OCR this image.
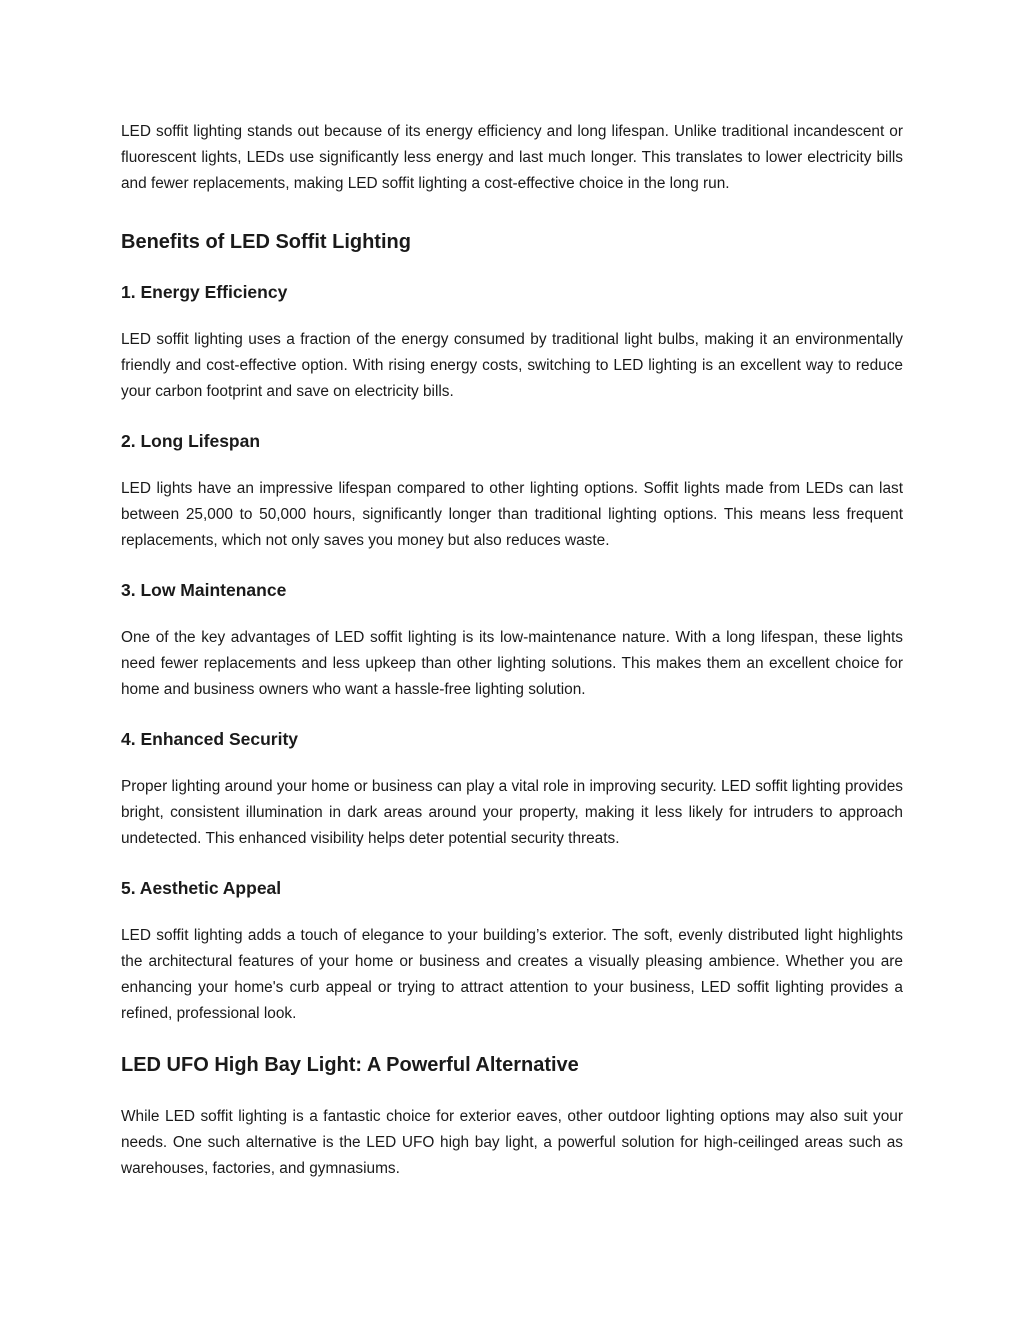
LED soffit lighting stands out because of its energy efficiency and long lifespan. Unlike traditional incandescent or fluorescent lights, LEDs use significantly less energy and last much longer. This translates to lower electricity bills and fewer replacements, making LED soffit lighting a cost-effective choice in the long run.

Benefits of LED Soffit Lighting
1. Energy Efficiency

LED soffit lighting uses a fraction of the energy consumed by traditional light bulbs, making it an environmentally friendly and cost-effective option. With rising energy costs, switching to LED lighting is an excellent way to reduce your carbon footprint and save on electricity bills.

2. Long Lifespan

LED lights have an impressive lifespan compared to other lighting options. Soffit lights made from LEDs can last between 25,000 to 50,000 hours, significantly longer than traditional lighting options. This means less frequent replacements, which not only saves you money but also reduces waste.

3. Low Maintenance

One of the key advantages of LED soffit lighting is its low-maintenance nature. With a long lifespan, these lights need fewer replacements and less upkeep than other lighting solutions. This makes them an excellent choice for home and business owners who want a hassle-free lighting solution.

4. Enhanced Security

Proper lighting around your home or business can play a vital role in improving security. LED soffit lighting provides bright, consistent illumination in dark areas around your property, making it less likely for intruders to approach undetected. This enhanced visibility helps deter potential security threats.

5. Aesthetic Appeal

LED soffit lighting adds a touch of elegance to your building’s exterior. The soft, evenly distributed light highlights the architectural features of your home or business and creates a visually pleasing ambience. Whether you are enhancing your home's curb appeal or trying to attract attention to your business, LED soffit lighting provides a refined, professional look.

LED UFO High Bay Light: A Powerful Alternative

While LED soffit lighting is a fantastic choice for exterior eaves, other outdoor lighting options may also suit your needs. One such alternative is the LED UFO high bay light, a powerful solution for high-ceilinged areas such as warehouses, factories, and gymnasiums.
